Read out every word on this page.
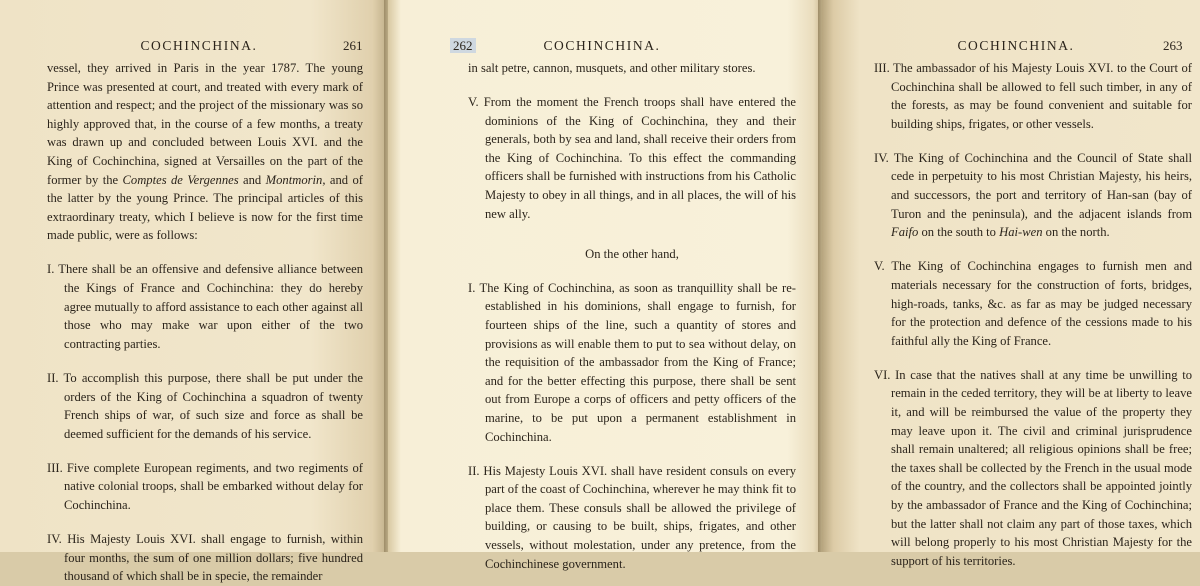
COCHINCHINA.	261

vessel, they arrived in Paris in the year 1787. The young Prince was presented at court, and treated with every mark of attention and respect; and the project of the missionary was so highly approved that, in the course of a few months, a treaty was drawn up and concluded between Louis XVI. and the King of Cochinchina, signed at Versailles on the part of the former by the Comptes de Vergennes and Montmorin, and of the latter by the young Prince. The principal articles of this extraordinary treaty, which I believe is now for the first time made public, were as follows:

I. There shall be an offensive and defensive alliance between the Kings of France and Cochinchina: they do hereby agree mutually to afford assistance to each other against all those who may make war upon either of the two contracting parties.

II. To accomplish this purpose, there shall be put under the orders of the King of Cochinchina a squadron of twenty French ships of war, of such size and force as shall be deemed sufficient for the demands of his service.

III. Five complete European regiments, and two regiments of native colonial troops, shall be embarked without delay for Cochinchina.

IV. His Majesty Louis XVI. shall engage to furnish, within four months, the sum of one million dollars; five hundred thousand of which shall be in specie, the remainder

262	COCHINCHINA.

in salt petre, cannon, musquets, and other military stores.

V. From the moment the French troops shall have entered the dominions of the King of Cochinchina, they and their generals, both by sea and land, shall receive their orders from the King of Cochinchina. To this effect the commanding officers shall be furnished with instructions from his Catholic Majesty to obey in all things, and in all places, the will of his new ally.

On the other hand,

I. The King of Cochinchina, as soon as tranquillity shall be re-established in his dominions, shall engage to furnish, for fourteen ships of the line, such a quantity of stores and provisions as will enable them to put to sea without delay, on the requisition of the ambassador from the King of France; and for the better effecting this purpose, there shall be sent out from Europe a corps of officers and petty officers of the marine, to be put upon a permanent establishment in Cochinchina.

II. His Majesty Louis XVI. shall have resident consuls on every part of the coast of Cochinchina, wherever he may think fit to place them. These consuls shall be allowed the privilege of building, or causing to be built, ships, frigates, and other vessels, without molestation, under any pretence, from the Cochinchinese government.

COCHINCHINA.	263

III. The ambassador of his Majesty Louis XVI. to the Court of Cochinchina shall be allowed to fell such timber, in any of the forests, as may be found convenient and suitable for building ships, frigates, or other vessels.

IV. The King of Cochinchina and the Council of State shall cede in perpetuity to his most Christian Majesty, his heirs, and successors, the port and territory of Han-san (bay of Turon and the peninsula), and the adjacent islands from Faifo on the south to Hai-wen on the north.

V. The King of Cochinchina engages to furnish men and materials necessary for the construction of forts, bridges, high-roads, tanks, &c. as far as may be judged necessary for the protection and defence of the cessions made to his faithful ally the King of France.

VI. In case that the natives shall at any time be unwilling to remain in the ceded territory, they will be at liberty to leave it, and will be reimbursed the value of the property they may leave upon it. The civil and criminal jurisprudence shall remain unaltered; all religious opinions shall be free; the taxes shall be collected by the French in the usual mode of the country, and the collectors shall be appointed jointly by the ambassador of France and the King of Cochinchina; but the latter shall not claim any part of those taxes, which will belong properly to his most Christian Majesty for the support of his territories.
